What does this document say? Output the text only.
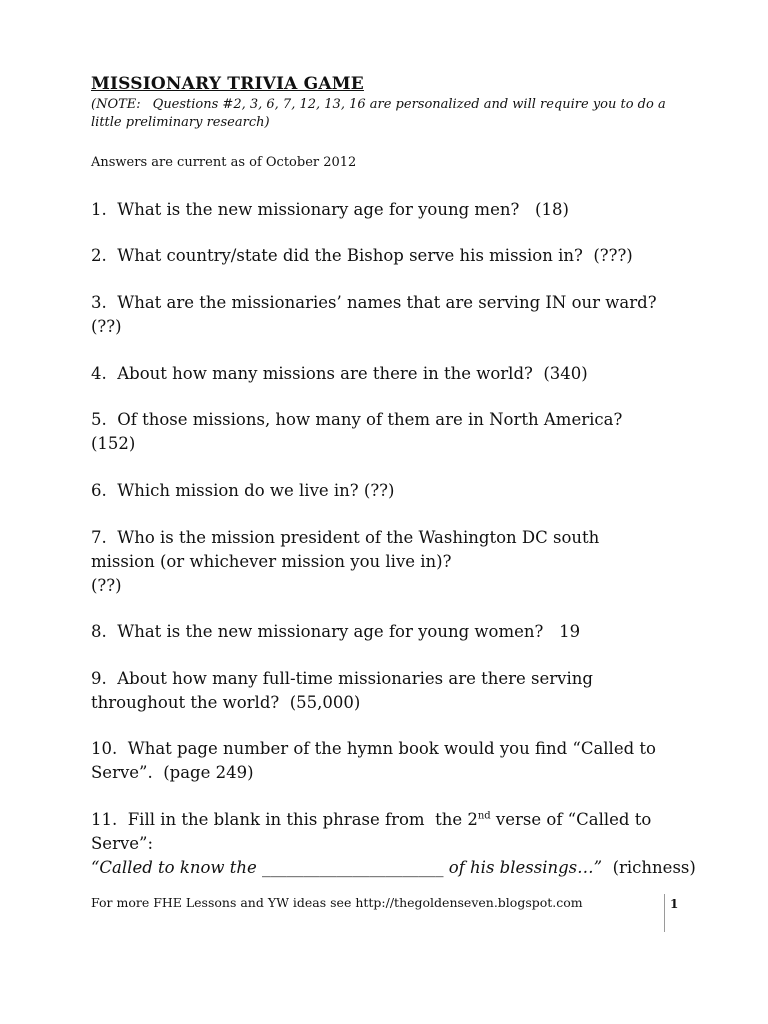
MISSIONARY TRIVIA GAME
(NOTE: Questions #2, 3, 6, 7, 12, 13, 16 are personalized and will require you to do a little preliminary research)
Answers are current as of October 2012
1.  What is the new missionary age for young men?   (18)
2.  What country/state did the Bishop serve his mission in?  (???)
3.  What are the missionaries’ names that are serving IN our ward?
(??)
4.  About how many missions are there in the world?  (340)
5.  Of those missions, how many of them are in North America?
(152)
6.  Which mission do we live in? (??)
7.  Who is the mission president of the Washington DC south
mission (or whichever mission you live in)?
(??)
8.  What is the new missionary age for young women?   19
9.  About how many full-time missionaries are there serving
throughout the world?  (55,000)
10.  What page number of the hymn book would you find “Called to
Serve”.  (page 249)
11.  Fill in the blank in this phrase from  the 2nd verse of “Called to
Serve”:
“Called to know the ______________________ of his blessings…”  (richness)
For more FHE Lessons and YW ideas see http://thegoldenseven.blogspot.com	1
